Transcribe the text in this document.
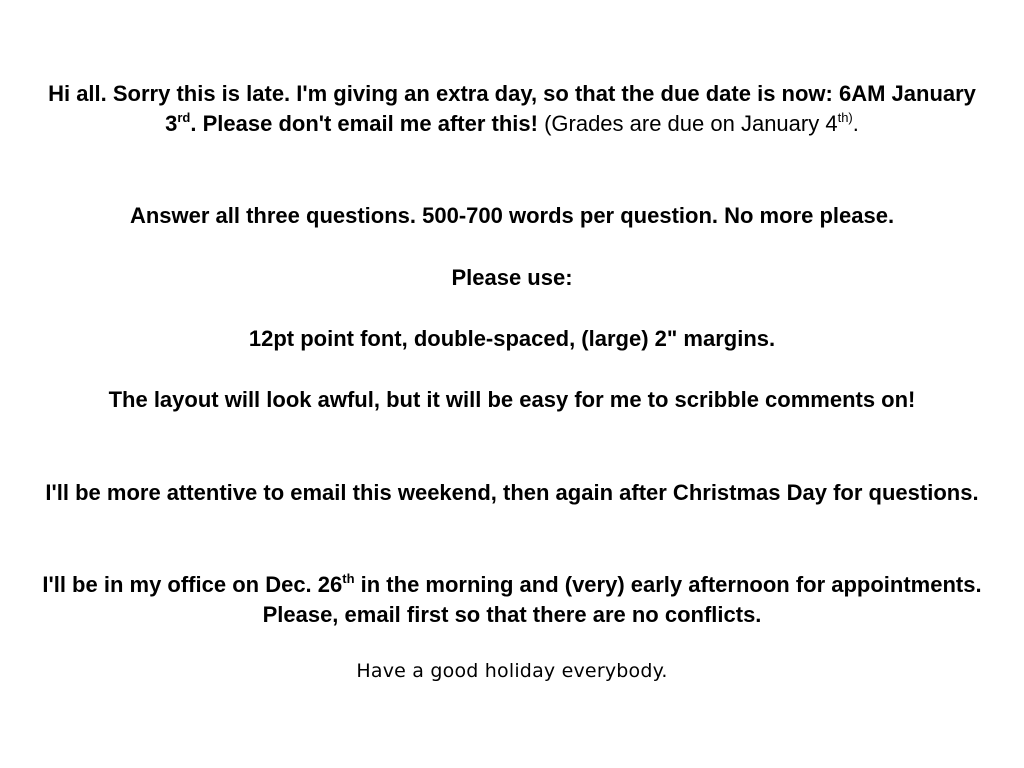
Hi all. Sorry this is late. I'm giving an extra day, so that the due date is now: 6AM January 3rd. Please don't email me after this! (Grades are due on January $4^{th)}$.
Answer all three questions. 500-700 words per question. No more please.
Please use:
12pt point font, double-spaced, (large) 2" margins.
The layout will look awful, but it will be easy for me to scribble comments on!
I'll be more attentive to email this weekend, then again after Christmas Day for questions.
I'll be in my office on Dec. 26th in the morning and (very) early afternoon for appointments. Please, email first so that there are no conflicts.
Have a good holiday everybody.
